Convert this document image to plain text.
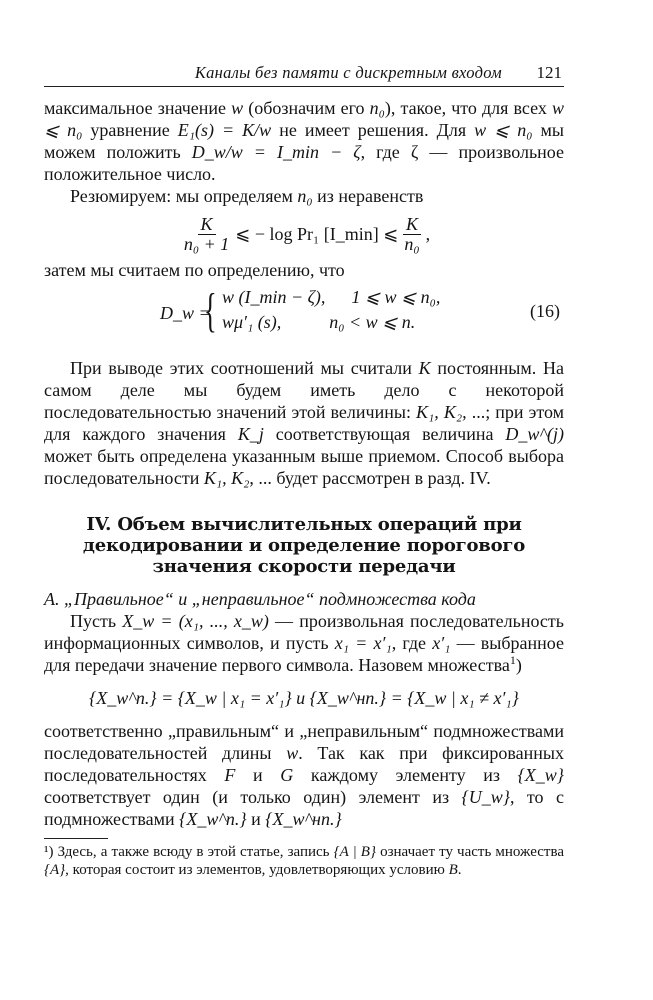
Каналы без памяти с дискретным входом 121

максимальное значение w (обозначим его n₀), такое, что для всех w ⩽ n₀ уравнение E₁(s) = K/w не имеет решения. Для w ⩽ n₀ мы можем положить D_w/w = I_min − ζ, где ζ — произвольное положительное число.

Резюмируем: мы определяем n₀ из неравенств

$\frac{K}{\text{n₀ + 1}}$ ⩽ − log Pr₁ [I_min] ⩽ $\frac{K}{\text{n₀}}$ ,

затем мы считаем по определению, что

D_w =
{ w (I_min − ζ), 1 ⩽ w ⩽ n₀,
wμ′₁ (s),	n₀ < w ⩽ n.
(16)

При выводе этих соотношений мы считали K постоянным. На самом деле мы будем иметь дело с некоторой последовательностью значений этой величины: K₁, K₂, ...; при этом для каждого значения K_j соответствующая величина D_w^(j) может быть определена указанным выше приемом. Способ выбора последовательности K₁, K₂, ... будет рассмотрен в разд. IV.

IV. Объем вычислительных операций при декодировании и определение порогового значения скорости передачи
А. „Правильное“ и „неправильное“ подмножества кода

Пусть X_w = (x₁, ..., x_w) — произвольная последовательность информационных символов, и пусть x₁ = x′₁, где x′₁ — выбранное для передачи значение первого символа. Назовем множества$^1$)

{X_w^п.} = {X_w | x₁ = x′₁} и {X_w^нп.} = {X_w | x₁ ≠ x′₁}

соответственно „правильным“ и „неправильным“ подмножествами последовательностей длины w. Так как при фиксированных последовательностях F и G каждому элементу из {X_w} соответствует один (и только один) элемент из {U_w}, то с подмножествами {X_w^п.} и {X_w^нп.}

¹) Здесь, а также всюду в этой статье, запись {A | B} означает ту часть множества {A}, которая состоит из элементов, удовлетворяющих условию B.
